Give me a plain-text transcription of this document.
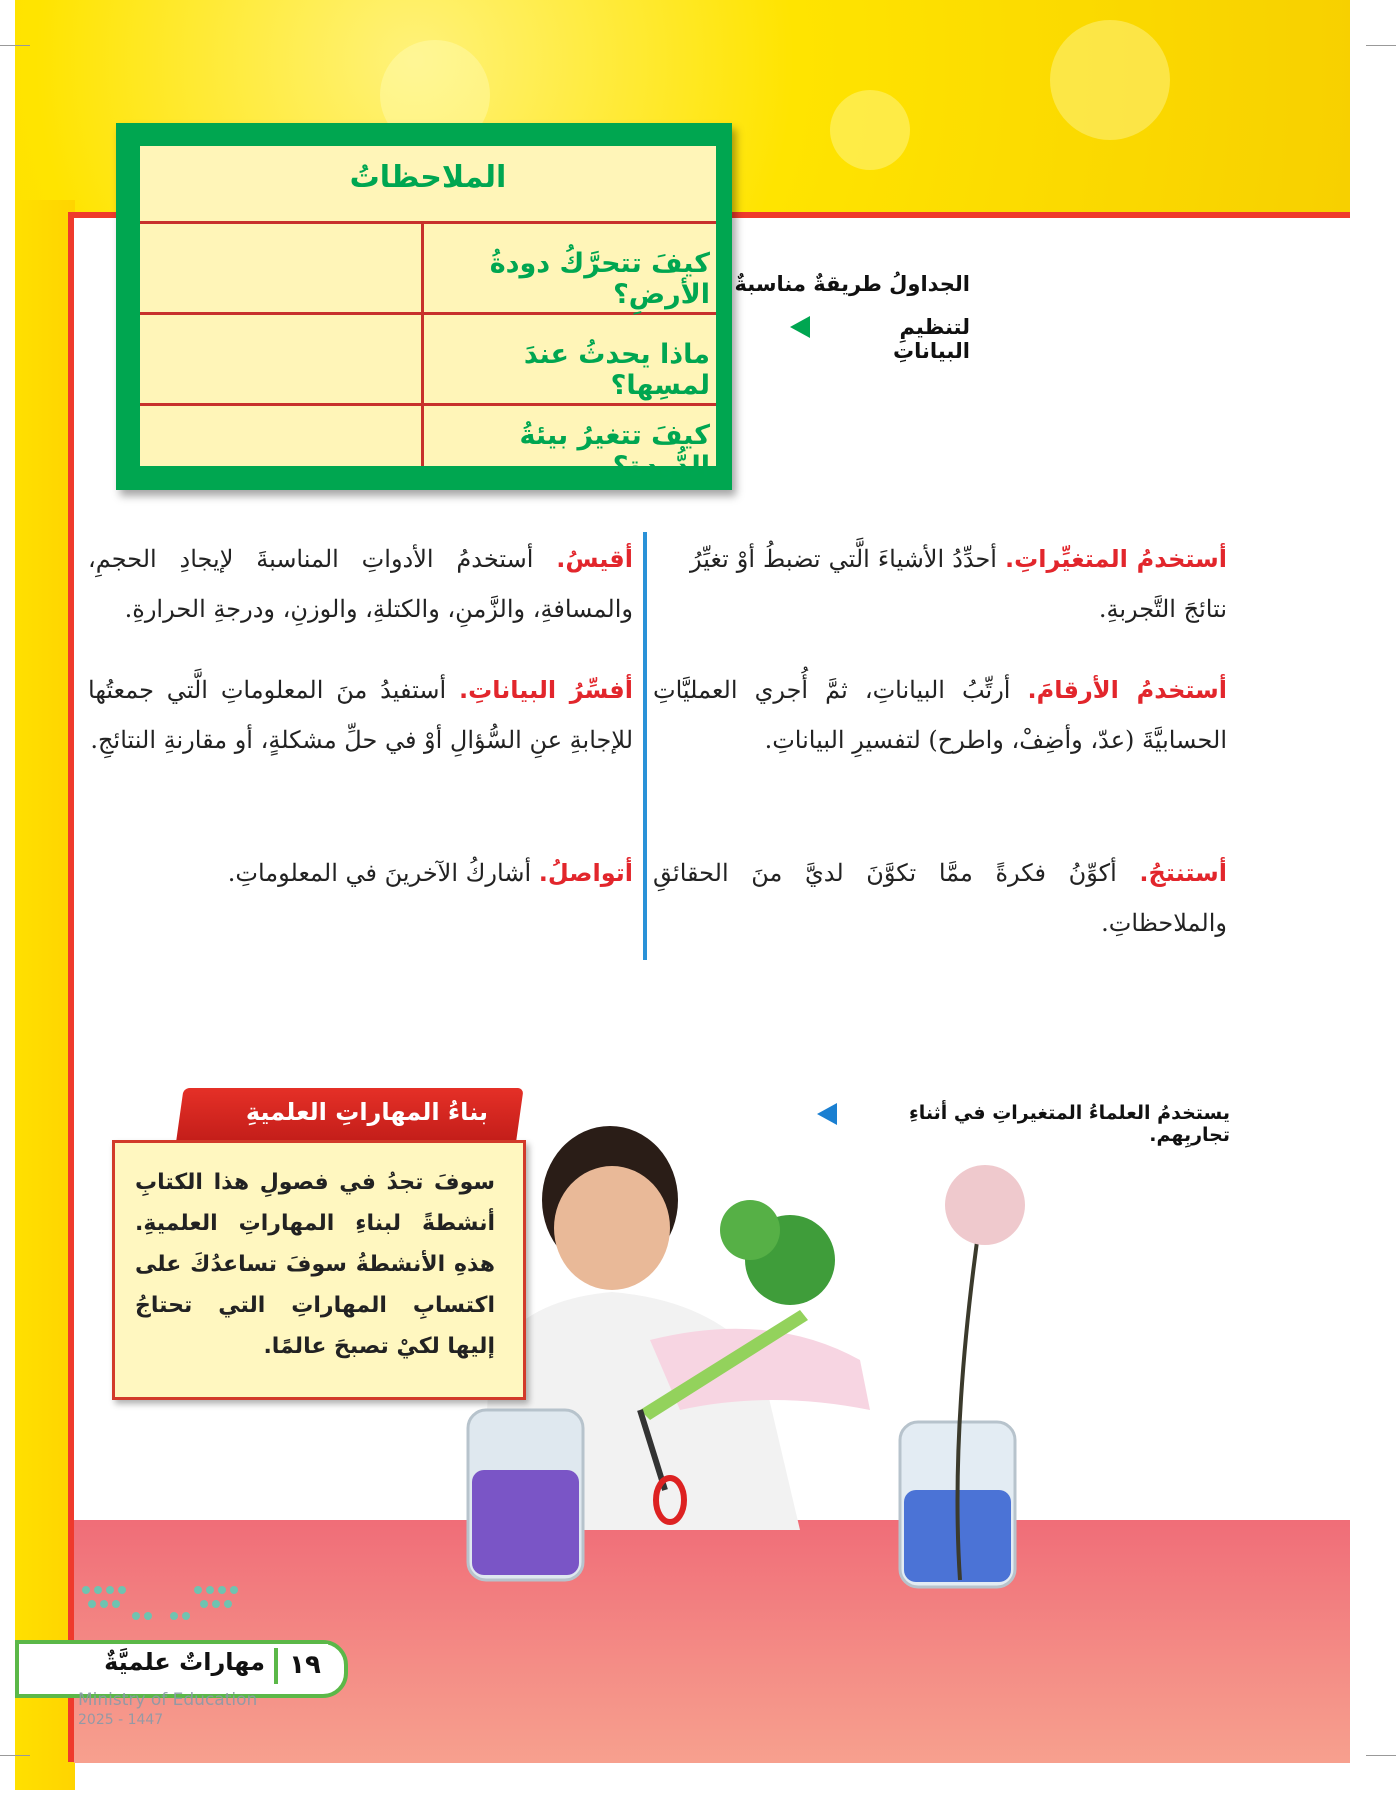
الملاحظاتُ
كيفَ تتحرَّكُ دودةُ الأرضِ؟
ماذا يحدثُ عندَ لمسِها؟
كيفَ تتغيرُ بيئةُ الدُّودةِ؟
الجداولُ طريقةٌ مناسبةٌ
لتنظيمِ البياناتِ
أستخدمُ المتغيِّراتِ. أحدِّدُ الأشياءَ الَّتي تضبطُ أوْ تغيِّرُ نتائجَ التَّجربةِ.
أستخدمُ الأرقامَ. أرتِّبُ البياناتِ، ثمَّ أُجري العمليَّاتِ الحسابيَّةَ (عدّ، وأضِفْ، واطرح) لتفسيرِ البياناتِ.
أستنتجُ. أكوِّنُ فكرةً ممَّا تكوَّنَ لديَّ منَ الحقائقِ والملاحظاتِ.
أقيسُ. أستخدمُ الأدواتِ المناسبةَ لإيجادِ الحجمِ، والمسافةِ، والزَّمنِ، والكتلةِ، والوزنِ، ودرجةِ الحرارةِ.
أفسِّرُ البياناتِ. أستفيدُ منَ المعلوماتِ الَّتي جمعتُها للإجابةِ عنِ السُّؤالِ أوْ في حلِّ مشكلةٍ، أو مقارنةِ النتائجِ.
أتواصلُ. أشاركُ الآخرينَ في المعلوماتِ.
يستخدمُ العلماءُ المتغيراتِ في أثناءِ تجاربِهم.
بناءُ المهاراتِ العلميةِ
سوفَ تجدُ في فصولِ هذا الكتابِ أنشطةً لبناءِ المهاراتِ العلميةِ. هذهِ الأنشطةُ سوفَ تساعدُكَ على اكتسابِ المهاراتِ التي تحتاجُ إليها لكيْ تصبحَ عالمًا.
١٩
مهاراتٌ علميَّةٌ
Ministry of Education
2025 - 1447
